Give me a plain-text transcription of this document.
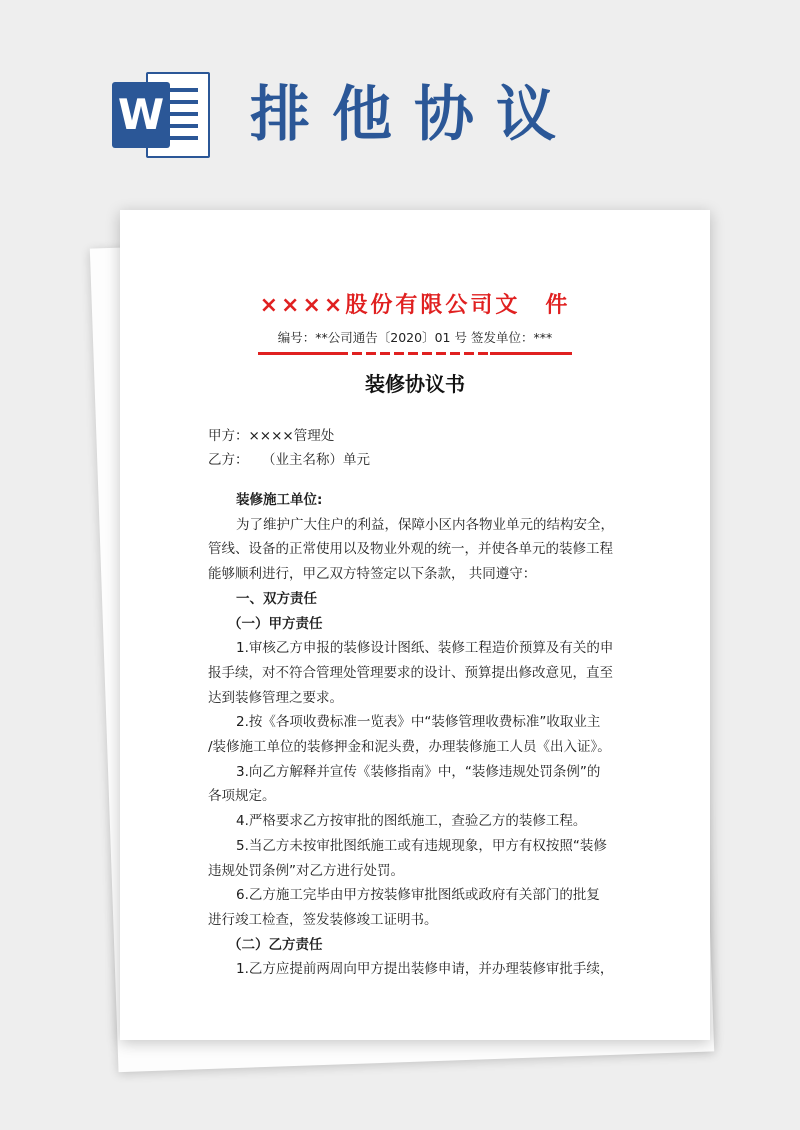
W 排他协议
××××股份有限公司文　件
编号：**公司通告〔2020〕01 号 签发单位：***
装修协议书
甲方：××××管理处
乙方：　　（业主名称）单元
装修施工单位:
为了维护广大住户的利益，保障小区内各物业单元的结构安全，
管线、设备的正常使用以及物业外观的统一，并使各单元的装修工程
能够顺利进行，甲乙双方特签定以下条款， 共同遵守：
一、双方责任
（一）甲方责任
1.审核乙方申报的装修设计图纸、装修工程造价预算及有关的申
报手续，对不符合管理处管理要求的设计、预算提出修改意见，直至
达到装修管理之要求。
2.按《各项收费标准一览表》中“装修管理收费标准”收取业主
/装修施工单位的装修押金和泥头费，办理装修施工人员《出入证》。
3.向乙方解释并宣传《装修指南》中，“装修违规处罚条例”的
各项规定。
4.严格要求乙方按审批的图纸施工，查验乙方的装修工程。
5.当乙方未按审批图纸施工或有违规现象，甲方有权按照“装修
违规处罚条例”对乙方进行处罚。
6.乙方施工完毕由甲方按装修审批图纸或政府有关部门的批复
进行竣工检查，签发装修竣工证明书。
（二）乙方责任
1.乙方应提前两周向甲方提出装修申请，并办理装修审批手续，
